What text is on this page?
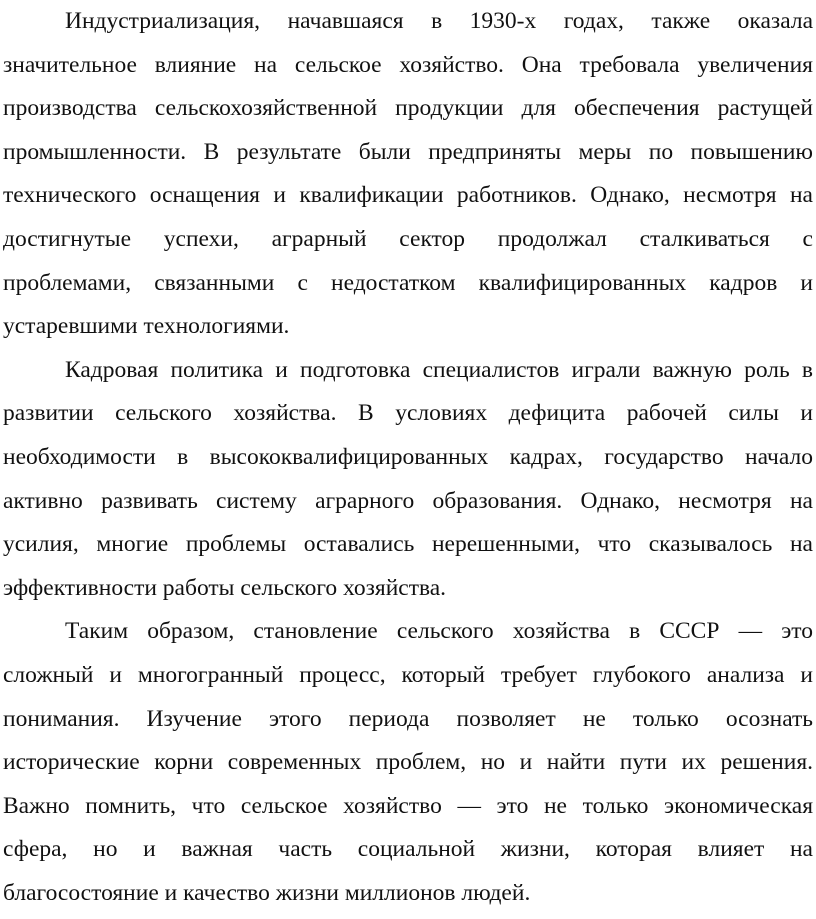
Индустриализация, начавшаяся в 1930-х годах, также оказала
значительное влияние на сельское хозяйство. Она требовала увеличения
производства сельскохозяйственной продукции для обеспечения растущей
промышленности. В результате были предприняты меры по повышению
технического оснащения и квалификации работников. Однако, несмотря на
достигнутые успехи, аграрный сектор продолжал сталкиваться с
проблемами, связанными с недостатком квалифицированных кадров и
устаревшими технологиями.
Кадровая политика и подготовка специалистов играли важную роль в
развитии сельского хозяйства. В условиях дефицита рабочей силы и
необходимости в высококвалифицированных кадрах, государство начало
активно развивать систему аграрного образования. Однако, несмотря на
усилия, многие проблемы оставались нерешенными, что сказывалось на
эффективности работы сельского хозяйства.
Таким образом, становление сельского хозяйства в СССР — это
сложный и многогранный процесс, который требует глубокого анализа и
понимания. Изучение этого периода позволяет не только осознать
исторические корни современных проблем, но и найти пути их решения.
Важно помнить, что сельское хозяйство — это не только экономическая
сфера, но и важная часть социальной жизни, которая влияет на
благосостояние и качество жизни миллионов людей.
